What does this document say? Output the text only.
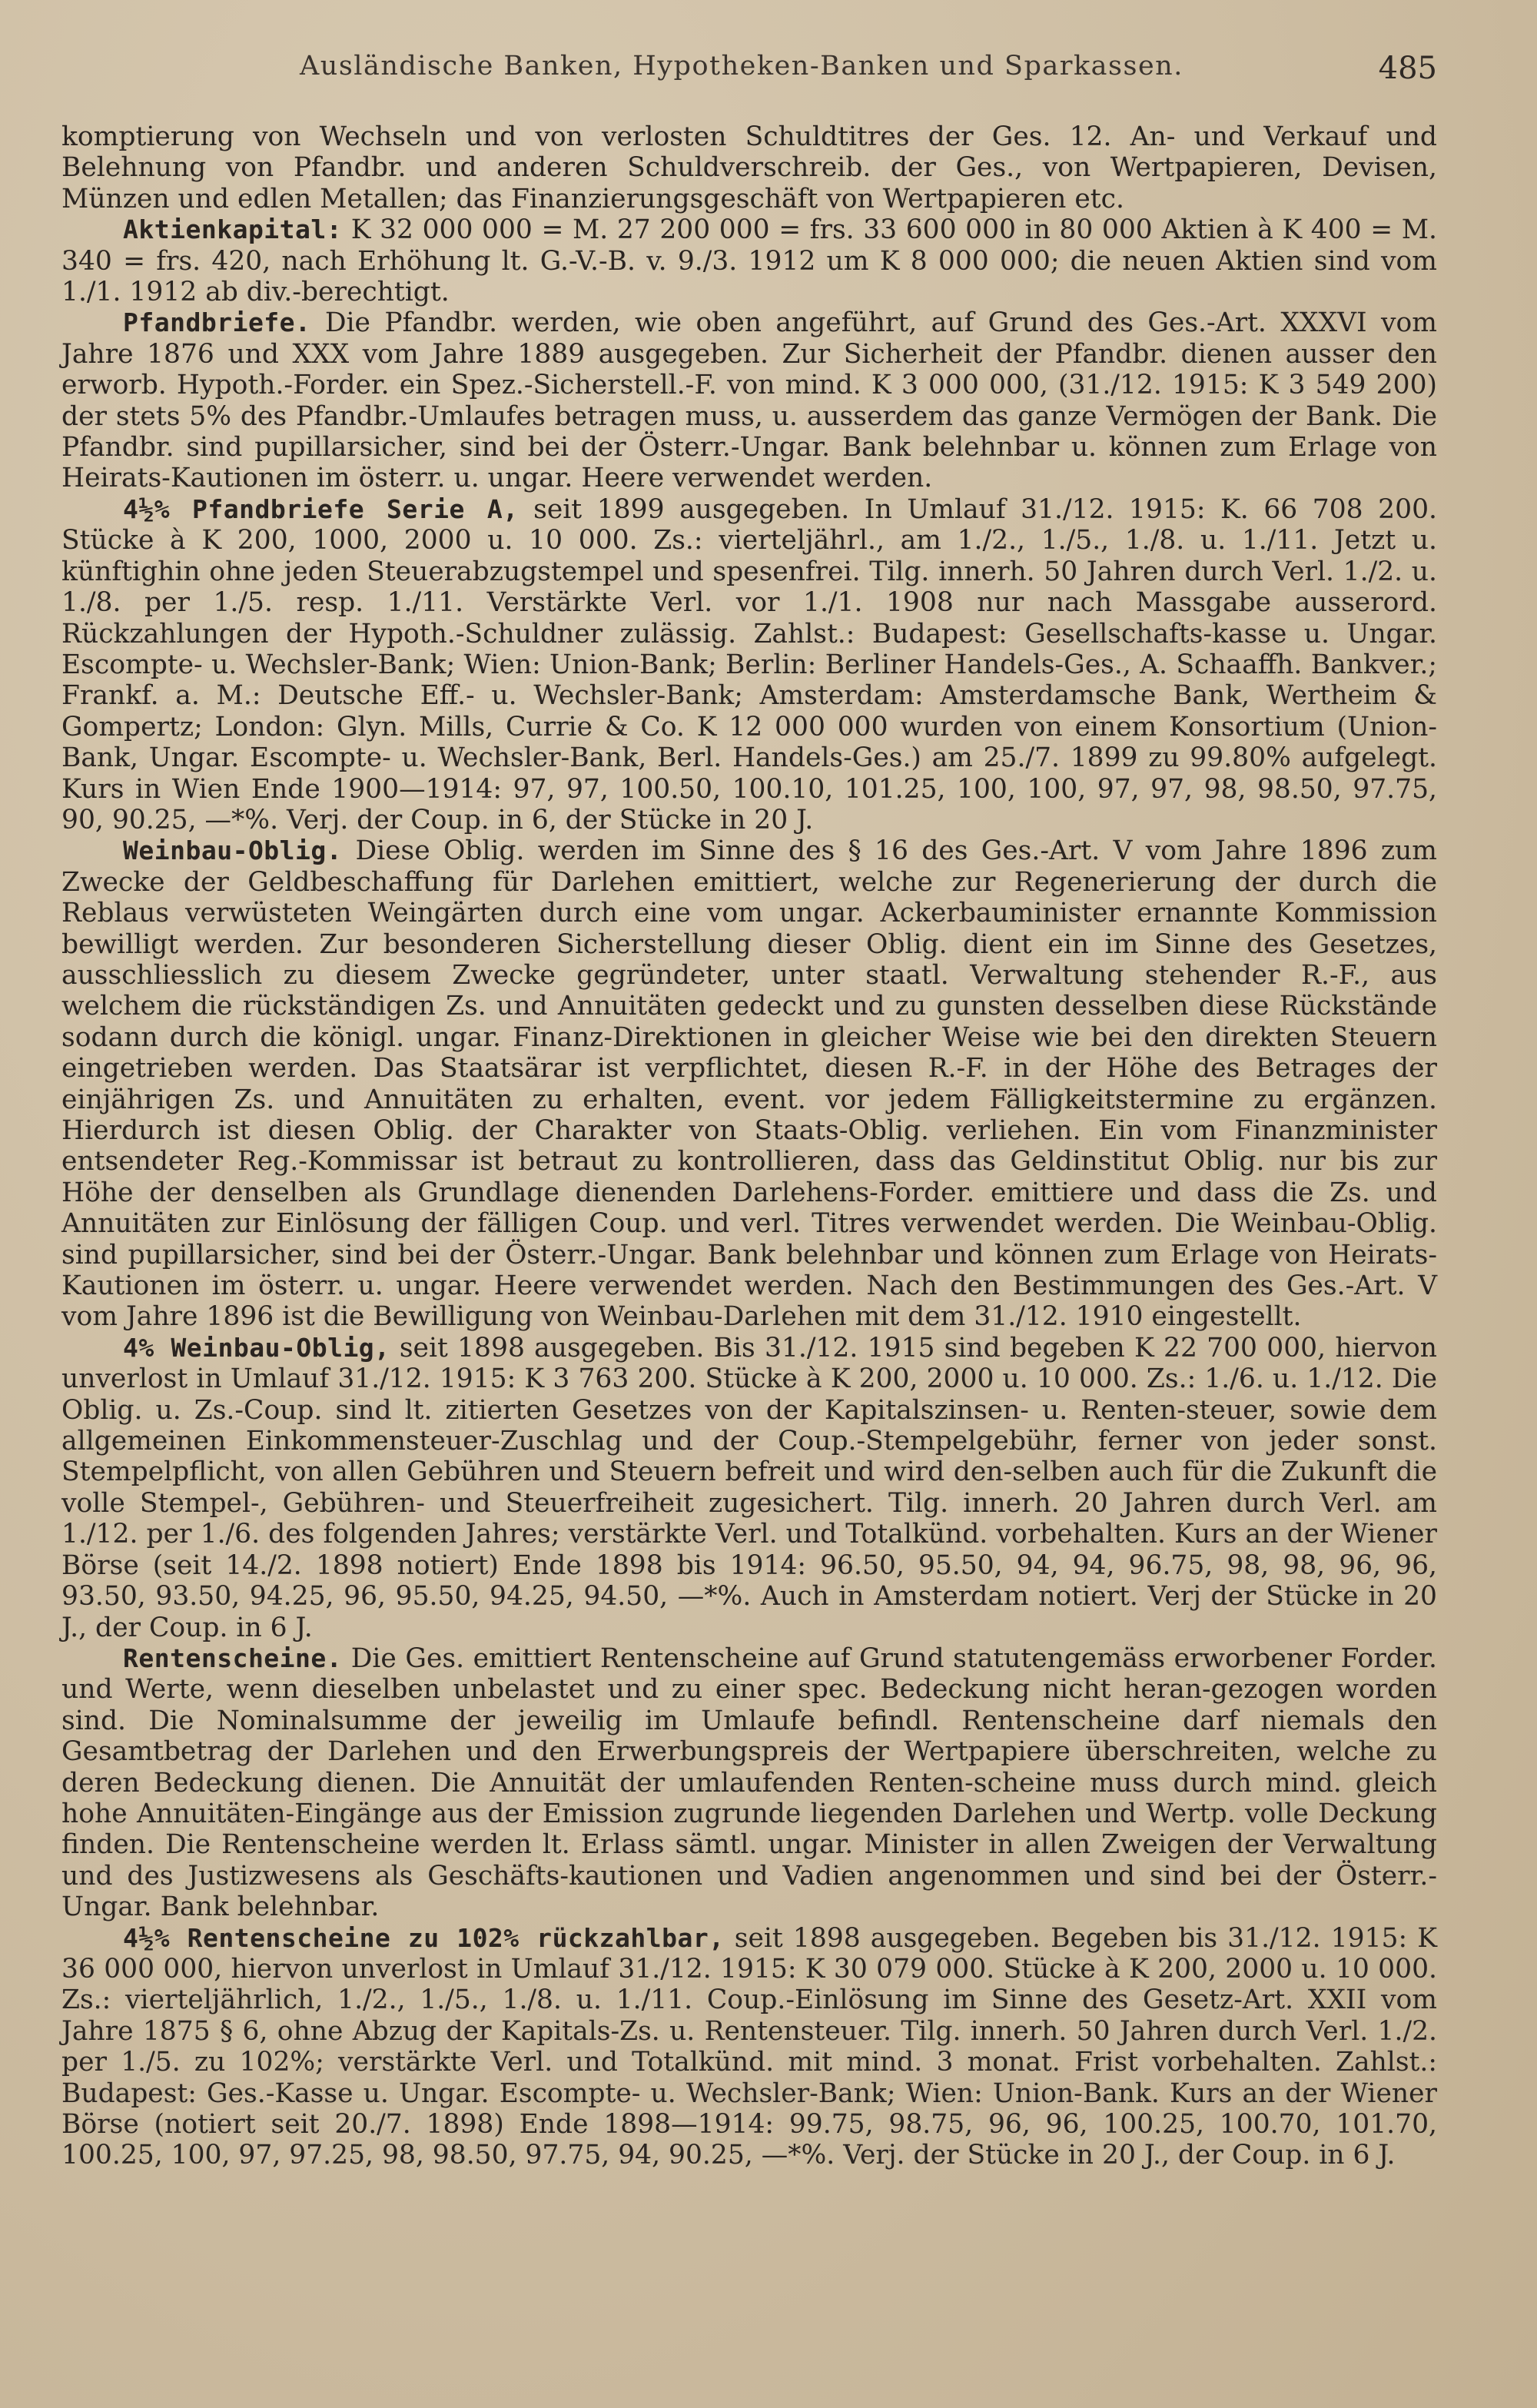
Ausländische Banken, Hypotheken-Banken und Sparkassen.	485

komptierung von Wechseln und von verlosten Schuldtitres der Ges. 12. An- und Verkauf und Belehnung von Pfandbr. und anderen Schuldverschreib. der Ges., von Wertpapieren, Devisen, Münzen und edlen Metallen; das Finanzierungsgeschäft von Wertpapieren etc.

Aktienkapital: K 32 000 000 = M. 27 200 000 = frs. 33 600 000 in 80 000 Aktien à K 400 = M. 340 = frs. 420, nach Erhöhung lt. G.-V.-B. v. 9./3. 1912 um K 8 000 000; die neuen Aktien sind vom 1./1. 1912 ab div.-berechtigt.

Pfandbriefe. Die Pfandbr. werden, wie oben angeführt, auf Grund des Ges.-Art. XXXVI vom Jahre 1876 und XXX vom Jahre 1889 ausgegeben. Zur Sicherheit der Pfandbr. dienen ausser den erworb. Hypoth.-Forder. ein Spez.-Sicherstell.-F. von mind. K 3 000 000, (31./12. 1915: K 3 549 200) der stets 5% des Pfandbr.-Umlaufes betragen muss, u. ausserdem das ganze Vermögen der Bank. Die Pfandbr. sind pupillarsicher, sind bei der Österr.-Ungar. Bank belehnbar u. können zum Erlage von Heirats-Kautionen im österr. u. ungar. Heere verwendet werden.

4½% Pfandbriefe Serie A, seit 1899 ausgegeben. In Umlauf 31./12. 1915: K. 66 708 200. Stücke à K 200, 1000, 2000 u. 10 000. Zs.: vierteljährl., am 1./2., 1./5., 1./8. u. 1./11. Jetzt u. künftighin ohne jeden Steuerabzugstempel und spesenfrei. Tilg. innerh. 50 Jahren durch Verl. 1./2. u. 1./8. per 1./5. resp. 1./11. Verstärkte Verl. vor 1./1. 1908 nur nach Massgabe ausserord. Rückzahlungen der Hypoth.-Schuldner zulässig. Zahlst.: Budapest: Gesellschafts-kasse u. Ungar. Escompte- u. Wechsler-Bank; Wien: Union-Bank; Berlin: Berliner Handels-Ges., A. Schaaffh. Bankver.; Frankf. a. M.: Deutsche Eff.- u. Wechsler-Bank; Amsterdam: Amsterdamsche Bank, Wertheim & Gompertz; London: Glyn. Mills, Currie & Co. K 12 000 000 wurden von einem Konsortium (Union-Bank, Ungar. Escompte- u. Wechsler-Bank, Berl. Handels-Ges.) am 25./7. 1899 zu 99.80% aufgelegt. Kurs in Wien Ende 1900—1914: 97, 97, 100.50, 100.10, 101.25, 100, 100, 97, 97, 98, 98.50, 97.75, 90, 90.25, —*%. Verj. der Coup. in 6, der Stücke in 20 J.

Weinbau-Oblig. Diese Oblig. werden im Sinne des § 16 des Ges.-Art. V vom Jahre 1896 zum Zwecke der Geldbeschaffung für Darlehen emittiert, welche zur Regenerierung der durch die Reblaus verwüsteten Weingärten durch eine vom ungar. Ackerbauminister ernannte Kommission bewilligt werden. Zur besonderen Sicherstellung dieser Oblig. dient ein im Sinne des Gesetzes, ausschliesslich zu diesem Zwecke gegründeter, unter staatl. Verwaltung stehender R.-F., aus welchem die rückständigen Zs. und Annuitäten gedeckt und zu gunsten desselben diese Rückstände sodann durch die königl. ungar. Finanz-Direktionen in gleicher Weise wie bei den direkten Steuern eingetrieben werden. Das Staatsärar ist verpflichtet, diesen R.-F. in der Höhe des Betrages der einjährigen Zs. und Annuitäten zu erhalten, event. vor jedem Fälligkeitstermine zu ergänzen. Hierdurch ist diesen Oblig. der Charakter von Staats-Oblig. verliehen. Ein vom Finanzminister entsendeter Reg.-Kommissar ist betraut zu kontrollieren, dass das Geldinstitut Oblig. nur bis zur Höhe der denselben als Grundlage dienenden Darlehens-Forder. emittiere und dass die Zs. und Annuitäten zur Einlösung der fälligen Coup. und verl. Titres verwendet werden. Die Weinbau-Oblig. sind pupillarsicher, sind bei der Österr.-Ungar. Bank belehnbar und können zum Erlage von Heirats-Kautionen im österr. u. ungar. Heere verwendet werden. Nach den Bestimmungen des Ges.-Art. V vom Jahre 1896 ist die Bewilligung von Weinbau-Darlehen mit dem 31./12. 1910 eingestellt.

4% Weinbau-Oblig, seit 1898 ausgegeben. Bis 31./12. 1915 sind begeben K 22 700 000, hiervon unverlost in Umlauf 31./12. 1915: K 3 763 200. Stücke à K 200, 2000 u. 10 000. Zs.: 1./6. u. 1./12. Die Oblig. u. Zs.-Coup. sind lt. zitierten Gesetzes von der Kapitalszinsen- u. Renten-steuer, sowie dem allgemeinen Einkommensteuer-Zuschlag und der Coup.-Stempelgebühr, ferner von jeder sonst. Stempelpflicht, von allen Gebühren und Steuern befreit und wird den-selben auch für die Zukunft die volle Stempel-, Gebühren- und Steuerfreiheit zugesichert. Tilg. innerh. 20 Jahren durch Verl. am 1./12. per 1./6. des folgenden Jahres; verstärkte Verl. und Totalkünd. vorbehalten. Kurs an der Wiener Börse (seit 14./2. 1898 notiert) Ende 1898 bis 1914: 96.50, 95.50, 94, 94, 96.75, 98, 98, 96, 96, 93.50, 93.50, 94.25, 96, 95.50, 94.25, 94.50, —*%. Auch in Amsterdam notiert. Verj der Stücke in 20 J., der Coup. in 6 J.

Rentenscheine. Die Ges. emittiert Rentenscheine auf Grund statutengemäss erworbener Forder. und Werte, wenn dieselben unbelastet und zu einer spec. Bedeckung nicht heran-gezogen worden sind. Die Nominalsumme der jeweilig im Umlaufe befindl. Rentenscheine darf niemals den Gesamtbetrag der Darlehen und den Erwerbungspreis der Wertpapiere überschreiten, welche zu deren Bedeckung dienen. Die Annuität der umlaufenden Renten-scheine muss durch mind. gleich hohe Annuitäten-Eingänge aus der Emission zugrunde liegenden Darlehen und Wertp. volle Deckung finden. Die Rentenscheine werden lt. Erlass sämtl. ungar. Minister in allen Zweigen der Verwaltung und des Justizwesens als Geschäfts-kautionen und Vadien angenommen und sind bei der Österr.-Ungar. Bank belehnbar.

4½% Rentenscheine zu 102% rückzahlbar, seit 1898 ausgegeben. Begeben bis 31./12. 1915: K 36 000 000, hiervon unverlost in Umlauf 31./12. 1915: K 30 079 000. Stücke à K 200, 2000 u. 10 000. Zs.: vierteljährlich, 1./2., 1./5., 1./8. u. 1./11. Coup.-Einlösung im Sinne des Gesetz-Art. XXII vom Jahre 1875 § 6, ohne Abzug der Kapitals-Zs. u. Rentensteuer. Tilg. innerh. 50 Jahren durch Verl. 1./2. per 1./5. zu 102%; verstärkte Verl. und Totalkünd. mit mind. 3 monat. Frist vorbehalten. Zahlst.: Budapest: Ges.-Kasse u. Ungar. Escompte- u. Wechsler-Bank; Wien: Union-Bank. Kurs an der Wiener Börse (notiert seit 20./7. 1898) Ende 1898—1914: 99.75, 98.75, 96, 96, 100.25, 100.70, 101.70, 100.25, 100, 97, 97.25, 98, 98.50, 97.75, 94, 90.25, —*%. Verj. der Stücke in 20 J., der Coup. in 6 J.
